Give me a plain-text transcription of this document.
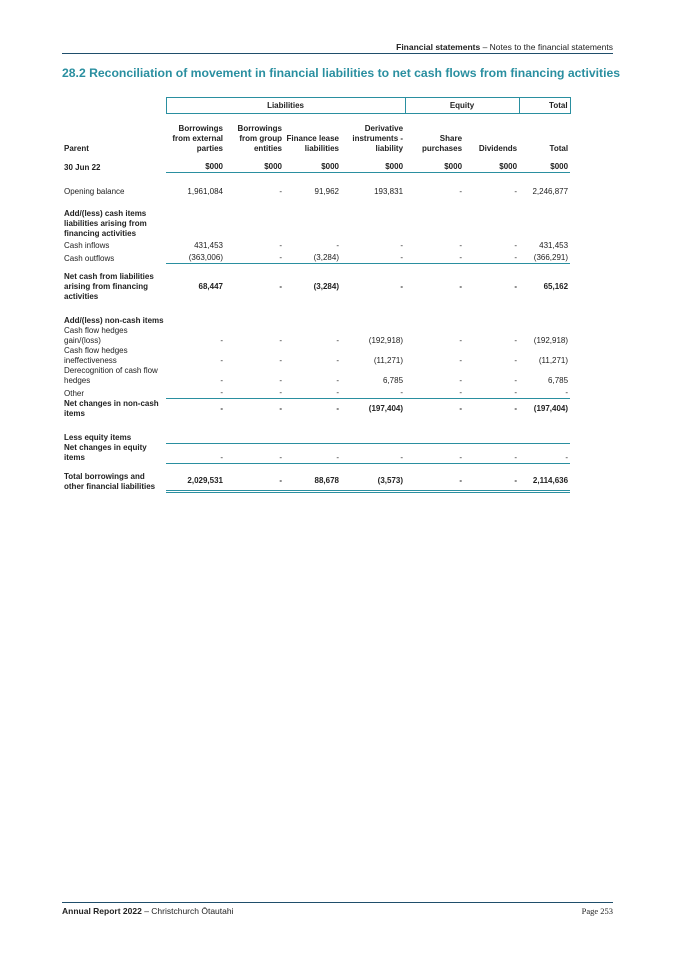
Financial statements – Notes to the financial statements
28.2 Reconciliation of movement in financial liabilities to net cash flows from financing activities
	Liabilities				Equity		Total
Parent	Borrowings from external parties	Borrowings from group entities	Finance lease liabilities	Derivative instruments - liability	Share purchases	Dividends	Total
30 Jun 22	$000	$000	$000	$000	$000	$000	$000

Opening balance	1,961,084	-	91,962	193,831	-	-	2,246,877

Add/(less) cash items liabilities arising from financing activities							
Cash inflows	431,453	-	-	-	-	-	431,453
Cash outflows	(363,006)	-	(3,284)	-	-	-	(366,291)

Net cash from liabilities arising from financing activities	68,447	-	(3,284)	-	-	-	65,162

Add/(less) non-cash items							
Cash flow hedges gain/(loss)	-	-	-	(192,918)	-	-	(192,918)
Cash flow hedges ineffectiveness	-	-	-	(11,271)	-	-	(11,271)
Derecognition of cash flow hedges	-	-	-	6,785	-	-	6,785
Other	-	-	-	-	-	-	-
Net changes in non-cash items	-	-	-	(197,404)	-	-	(197,404)

Less equity items							
Net changes in equity items	-	-	-	-	-	-	-

Total borrowings and other financial liabilities	2,029,531	-	88,678	(3,573)	-	-	2,114,636
Annual Report 2022 – Christchurch Ōtautahi	Page 253
